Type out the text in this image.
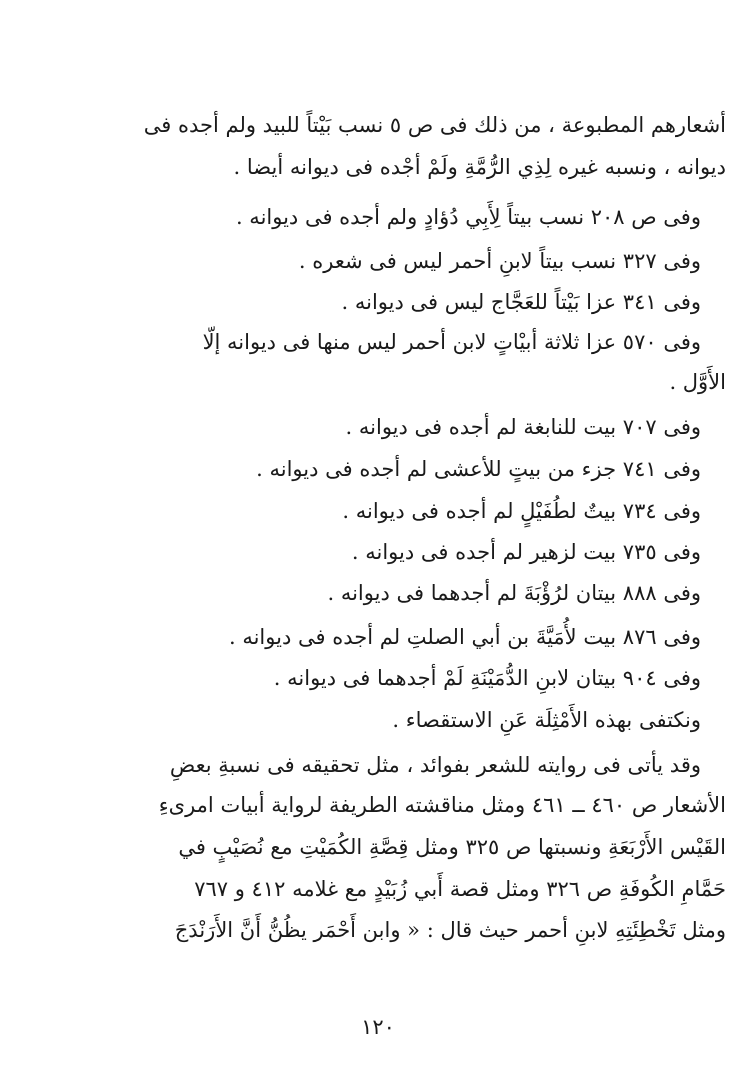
أشعارهم المطبوعة ، من ذلك فى ص ٥ نسب بَيْتاً للبيد ولم أجده فى
ديوانه ، ونسبه غيره لِذِي الرُّمَّةِ ولَمْ أجْده فى ديوانه أيضا .
وفى ص ٢٠٨ نسب بيتاً لِأَبِي دُؤادٍ ولم أجده فى ديوانه .
وفى ٣٢٧ نسب بيتاً لابنِ أحمر ليس فى شعره .
وفى ٣٤١ عزا بَيْتاً للعَجَّاج ليس فى ديوانه .
وفى ٥٧٠ عزا ثلاثة أبيْاتٍ لابن أحمر ليس منها فى ديوانه إلّا
الأَوَّل .
وفى ٧٠٧ بيت للنابغة لم أجده فى ديوانه .
وفى ٧٤١ جزء من بيتٍ للأعشى لم أجده فى ديوانه .
وفى ٧٣٤ بيتٌ لطُفَيْلٍ لم أجده فى ديوانه .
وفى ٧٣٥ بيت لزهير لم أجده فى ديوانه .
وفى ٨٨٨ بيتان لرُؤْبَةَ لم أجدهما فى ديوانه .
وفى ٨٧٦ بيت لأُمَيَّةَ بن أبي الصلتِ لم أجده فى ديوانه .
وفى ٩٠٤ بيتان لابنِ الدُّمَيْنَةِ لَمْ أجدهما فى ديوانه .
ونكتفى بهذه الأَمْثِلَة عَنِ الاستقصاء .
وقد يأتى فى روايته للشعر بفوائد ، مثل تحقيقه فى نسبةِ بعضِ
الأشعار ص ٤٦٠ ــ ٤٦١ ومثل مناقشته الطريفة لرواية أبيات امرىءِ
القَيْس الأَرْبَعَةِ ونسبتها ص ٣٢٥ ومثل قِصَّةِ الكُمَيْتِ مع نُصَيْبٍ في
حَمَّامِ الكُوفَةِ ص ٣٢٦ ومثل قصة أَبي زُبَيْدٍ مع غلامه ٤١٢ و ٧٦٧
ومثل تَخْطِئَتِهِ لابنِ أحمر حيث قال : « وابن أَحْمَر يظُنُّ أَنَّ الأَرَنْدَجَ
١٢٠
